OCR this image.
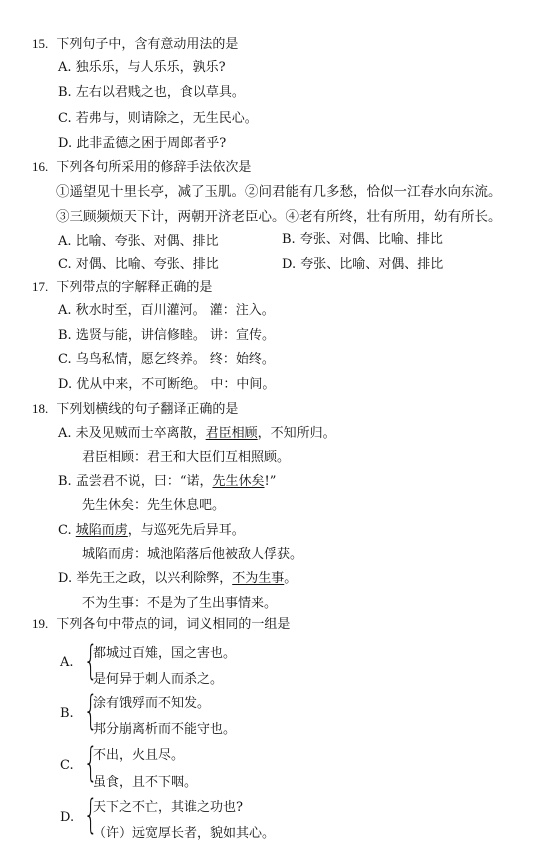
15. 下列句子中，含有意动用法的是
A. 独乐乐，与人乐乐，孰乐?
B. 左右以君贱之也，食以草具。
C. 若弗与，则请除之，无生民心。
D. 此非孟德之困于周郎者乎?
16. 下列各句所采用的修辞手法依次是
①遥望见十里长亭，减了玉肌。②问君能有几多愁，恰似一江春水向东流。
③三顾频烦天下计，两朝开济老臣心。④老有所终，壮有所用，幼有所长。
A. 比喻、夸张、对偶、排比	B. 夸张、对偶、比喻、排比
C. 对偶、比喻、夸张、排比	D. 夸张、比喻、对偶、排比
17. 下列带点的字解释正确的是
A. 秋水时至，百川灌河。 灌：注入。
B. 选贤与能，讲信修睦。 讲：宣传。
C. 乌鸟私情，愿乞终养。 终：始终。
D. 优从中来，不可断绝。 中：中间。
18. 下列划横线的句子翻译正确的是
A. 未及见贼而士卒离散，君臣相顾，不知所归。
君臣相顾：君王和大臣们互相照顾。
B. 孟尝君不说，曰：“诺，先生休矣!”
先生休矣：先生休息吧。
C. 城陷而虏，与巡死先后异耳。
城陷而虏：城池陷落后他被敌人俘获。
D. 举先王之政，以兴利除弊，不为生事。
不为生事：不是为了生出事情来。
19. 下列各句中带点的词，词义相同的一组是
A. {
都城过百雉，国之害也。
是何异于刺人而杀之。
B. {
涂有饿殍而不知发。
邦分崩离析而不能守也。
C. {
不出，火且尽。
虽食，且不下咽。
D. {
天下之不亡，其谁之功也?
（许）远宽厚长者，貌如其心。
